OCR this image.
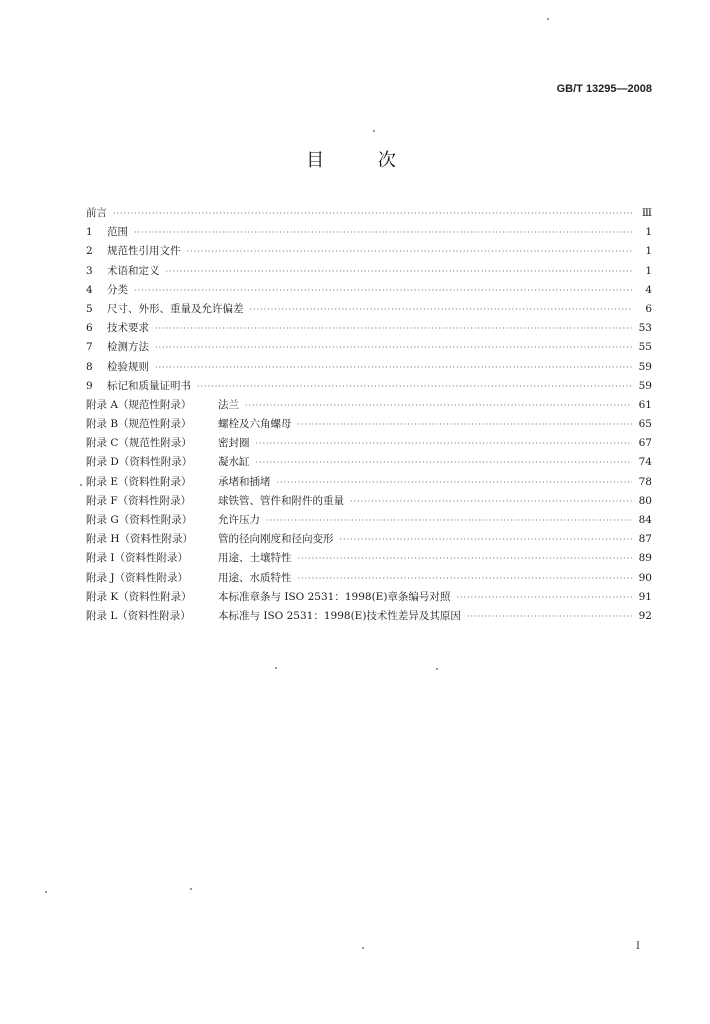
GB/T 13295—2008
目 次
前言 ·····	Ⅲ
1	范围 ·····	1
2	规范性引用文件 ·····	1
3	术语和定义 ·····	1
4	分类 ·····	4
5	尺寸、外形、重量及允许偏差 ·····	6
6	技术要求 ·····	53
7	检测方法 ·····	55
8	检验规则 ·····	59
9	标记和质量证明书 ·····	59
附录 A（规范性附录）	法兰 ·····	61
附录 B（规范性附录）	螺栓及六角螺母 ·····	65
附录 C（规范性附录）	密封圈 ·····	67
附录 D（资料性附录）	凝水缸 ·····	74
附录 E（资料性附录）	承堵和插堵 ·····	78
附录 F（资料性附录）	球铁管、管件和附件的重量 ·····	80
附录 G（资料性附录）	允许压力 ·····	84
附录 H（资料性附录）	管的径向刚度和径向变形 ·····	87
附录 I（资料性附录）	用途、土壤特性 ·····	89
附录 J（资料性附录）	用途、水质特性 ·····	90
附录 K（资料性附录）	本标准章条与 ISO 2531：1998(E)章条编号对照 ·····	91
附录 L（资料性附录）	本标准与 ISO 2531：1998(E)技术性差异及其原因 ·····	92
Ⅰ
